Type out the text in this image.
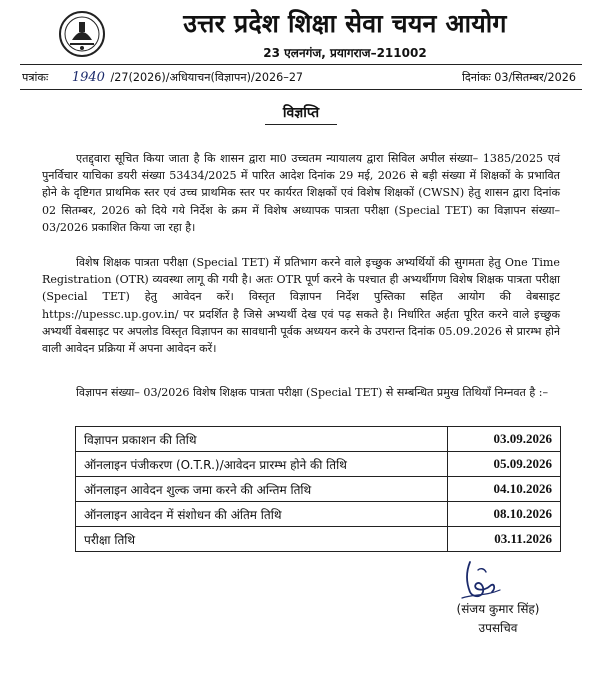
उत्तर प्रदेश शिक्षा सेवा चयन आयोग
23 एलनगंज, प्रयागराज–211002
पत्रांकः 1940 /27(2026)/अधियाचन(विज्ञापन)/2026–27	दिनांकः 03/सितम्बर/2026
विज्ञप्ति

एतद्द्वारा सूचित किया जाता है कि शासन द्वारा मा0 उच्चतम न्यायालय द्वारा सिविल अपील संख्या– 1385/2025 एवं पुनर्विचार याचिका डयरी संख्या 53434/2025 में पारित आदेश दिनांक 29 मई, 2026 से बड़ी संख्या में शिक्षकों के प्रभावित होने के दृष्टिगत प्राथमिक स्तर एवं उच्च प्राथमिक स्तर पर कार्यरत शिक्षकों एवं विशेष शिक्षकों (CWSN) हेतु शासन द्वारा दिनांक 02 सितम्बर, 2026 को दिये गये निर्देश के क्रम में विशेष अध्यापक पात्रता परीक्षा (Special TET) का विज्ञापन संख्या–03/2026 प्रकाशित किया जा रहा है।

विशेष शिक्षक पात्रता परीक्षा (Special TET) में प्रतिभाग करने वाले इच्छुक अभ्यर्थियों की सुगमता हेतु One Time Registration (OTR) व्यवस्था लागू की गयी है। अतः OTR पूर्ण करने के पश्चात ही अभ्यर्थीगण विशेष शिक्षक पात्रता परीक्षा (Special TET) हेतु आवेदन करें। विस्तृत विज्ञापन निर्देश पुस्तिका सहित आयोग की वेबसाइट https://upessc.up.gov.in/ पर प्रदर्शित है जिसे अभ्यर्थी देख एवं पढ़ सकते है। निर्धारित अर्हता पूरित करने वाले इच्छुक अभ्यर्थी वेबसाइट पर अपलोड विस्तृत विज्ञापन का सावधानी पूर्वक अध्ययन करने के उपरान्त दिनांक 05.09.2026 से प्रारम्भ होने वाली आवेदन प्रक्रिया में अपना आवेदन करें।

विज्ञापन संख्या– 03/2026 विशेष शिक्षक पात्रता परीक्षा (Special TET) से सम्बन्धित प्रमुख तिथियाँ निम्नवत है :–

विज्ञापन प्रकाशन की तिथि	03.09.2026
ऑनलाइन पंजीकरण (O.T.R.)/आवेदन प्रारम्भ होने की तिथि	05.09.2026
ऑनलाइन आवेदन शुल्क जमा करने की अन्तिम तिथि	04.10.2026
ऑनलाइन आवेदन में संशोधन की अंतिम तिथि	08.10.2026
परीक्षा तिथि	03.11.2026
(संजय कुमार सिंह)
उपसचिव
